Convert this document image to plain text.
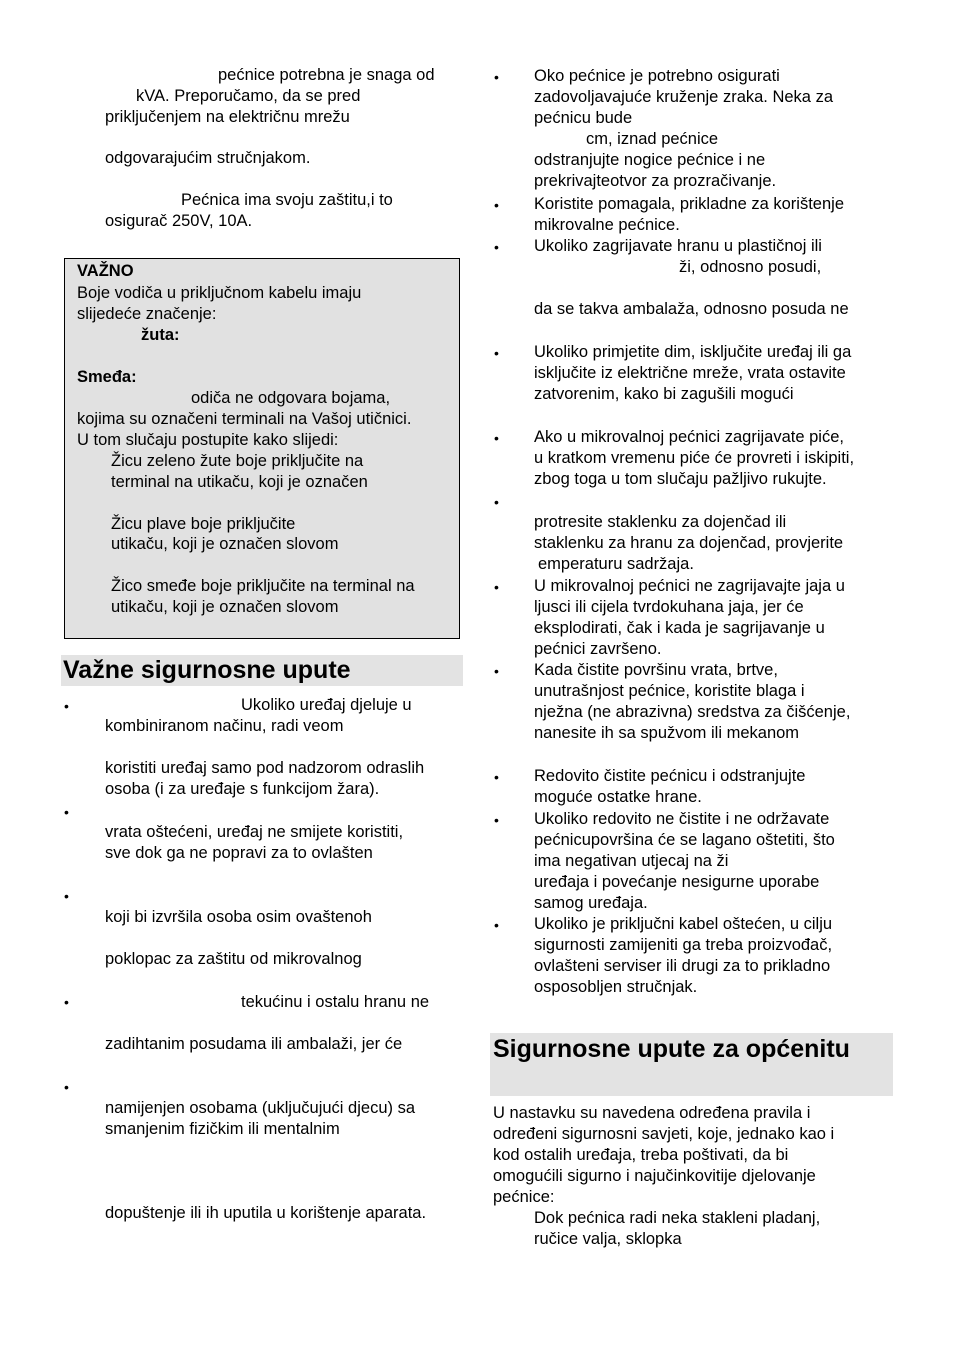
pećnice potrebna je snaga od
kVA. Preporučamo, da se pred
priključenjem na električnu mrežu
odgovarajućim stručnjakom.
Pećnica ima svoju zaštitu,i to
osigurač 250V, 10A.
VAŽNO
Boje vodiča u priključnom kabelu imaju
slijedeće značenje:
žuta:
Smeđa:
odiča ne odgovara bojama,
kojima su označeni terminali na Vašoj utičnici.
U tom slučaju postupite kako slijedi:
Žicu zeleno žute boje priključite na
terminal na utikaču, koji je označen
Žicu plave boje priključite
utikaču, koji je označen slovom
Žico smeđe boje priključite na terminal na
utikaču, koji je označen slovom
Važne sigurnosne upute
•	Ukoliko uređaj djeluje u
kombiniranom načinu, radi veom
koristiti uređaj samo pod nadzorom odraslih
osoba (i za uređaje s funkcijom žara).
•
vrata oštećeni, uređaj ne smijete koristiti,
sve dok ga ne popravi za to ovlašten
•
koji bi izvršila osoba osim ovaštenoh
poklopac za zaštitu od mikrovalnog
•	tekućinu i ostalu hranu ne
zadihtanim posudama ili ambalaži, jer će
•
namijenjen osobama (uključujući djecu) sa
smanjenim fizičkim ili mentalnim
dopuštenje ili ih uputila u korištenje aparata.
• Oko pećnice je potrebno osigurati
zadovoljavajuće kruženje zraka. Neka za
pećnicu bude
cm, iznad pećnice
odstranjujte nogice pećnice i ne
prekrivajteotvor za prozračivanje.
• Koristite pomagala, prikladne za korištenje
mikrovalne pećnice.
• Ukoliko zagrijavate hranu u plastičnoj ili
ži, odnosno posudi,
da se takva ambalaža, odnosno posuda ne
• Ukoliko primjetite dim, isključite uređaj ili ga
isključite iz električne mreže, vrata ostavite
zatvorenim, kako bi zagušili mogući
• Ako u mikrovalnoj pećnici zagrijavate piće,
u kratkom vremenu piće će provreti i iskipiti,
zbog toga u tom slučaju pažljivo rukujte.
•
protresite staklenku za dojenčad ili
staklenku za hranu za dojenčad, provjerite
emperaturu sadržaja.
• U mikrovalnoj pećnici ne zagrijavajte jaja u
ljusci ili cijela tvrdokuhana jaja, jer će
eksplodirati, čak i kada je sagrijavanje u
pećnici završeno.
• Kada čistite površinu vrata, brtve,
unutrašnjost pećnice, koristite blaga i
nježna (ne abrazivna) sredstva za čišćenje,
nanesite ih sa spužvom ili mekanom
• Redovito čistite pećnicu i odstranjujte
moguće ostatke hrane.
• Ukoliko redovito ne čistite i ne održavate
pećnicupovršina će se lagano oštetiti, što
ima negativan utjecaj na ži
uređaja i povećanje nesigurne uporabe
samog uređaja.
• Ukoliko je priključni kabel oštećen, u cilju
sigurnosti zamijeniti ga treba proizvođač,
ovlašteni serviser ili drugi za to prikladno
osposobljen stručnjak.
Sigurnosne upute za općenitu
U nastavku su navedena određena pravila i
određeni sigurnosni savjeti, koje, jednako kao i
kod ostalih uređaja, treba poštivati, da bi
omogućili sigurno i najučinkovitije djelovanje
pećnice:
Dok pećnica radi neka stakleni pladanj,
ručice valja, sklopka
